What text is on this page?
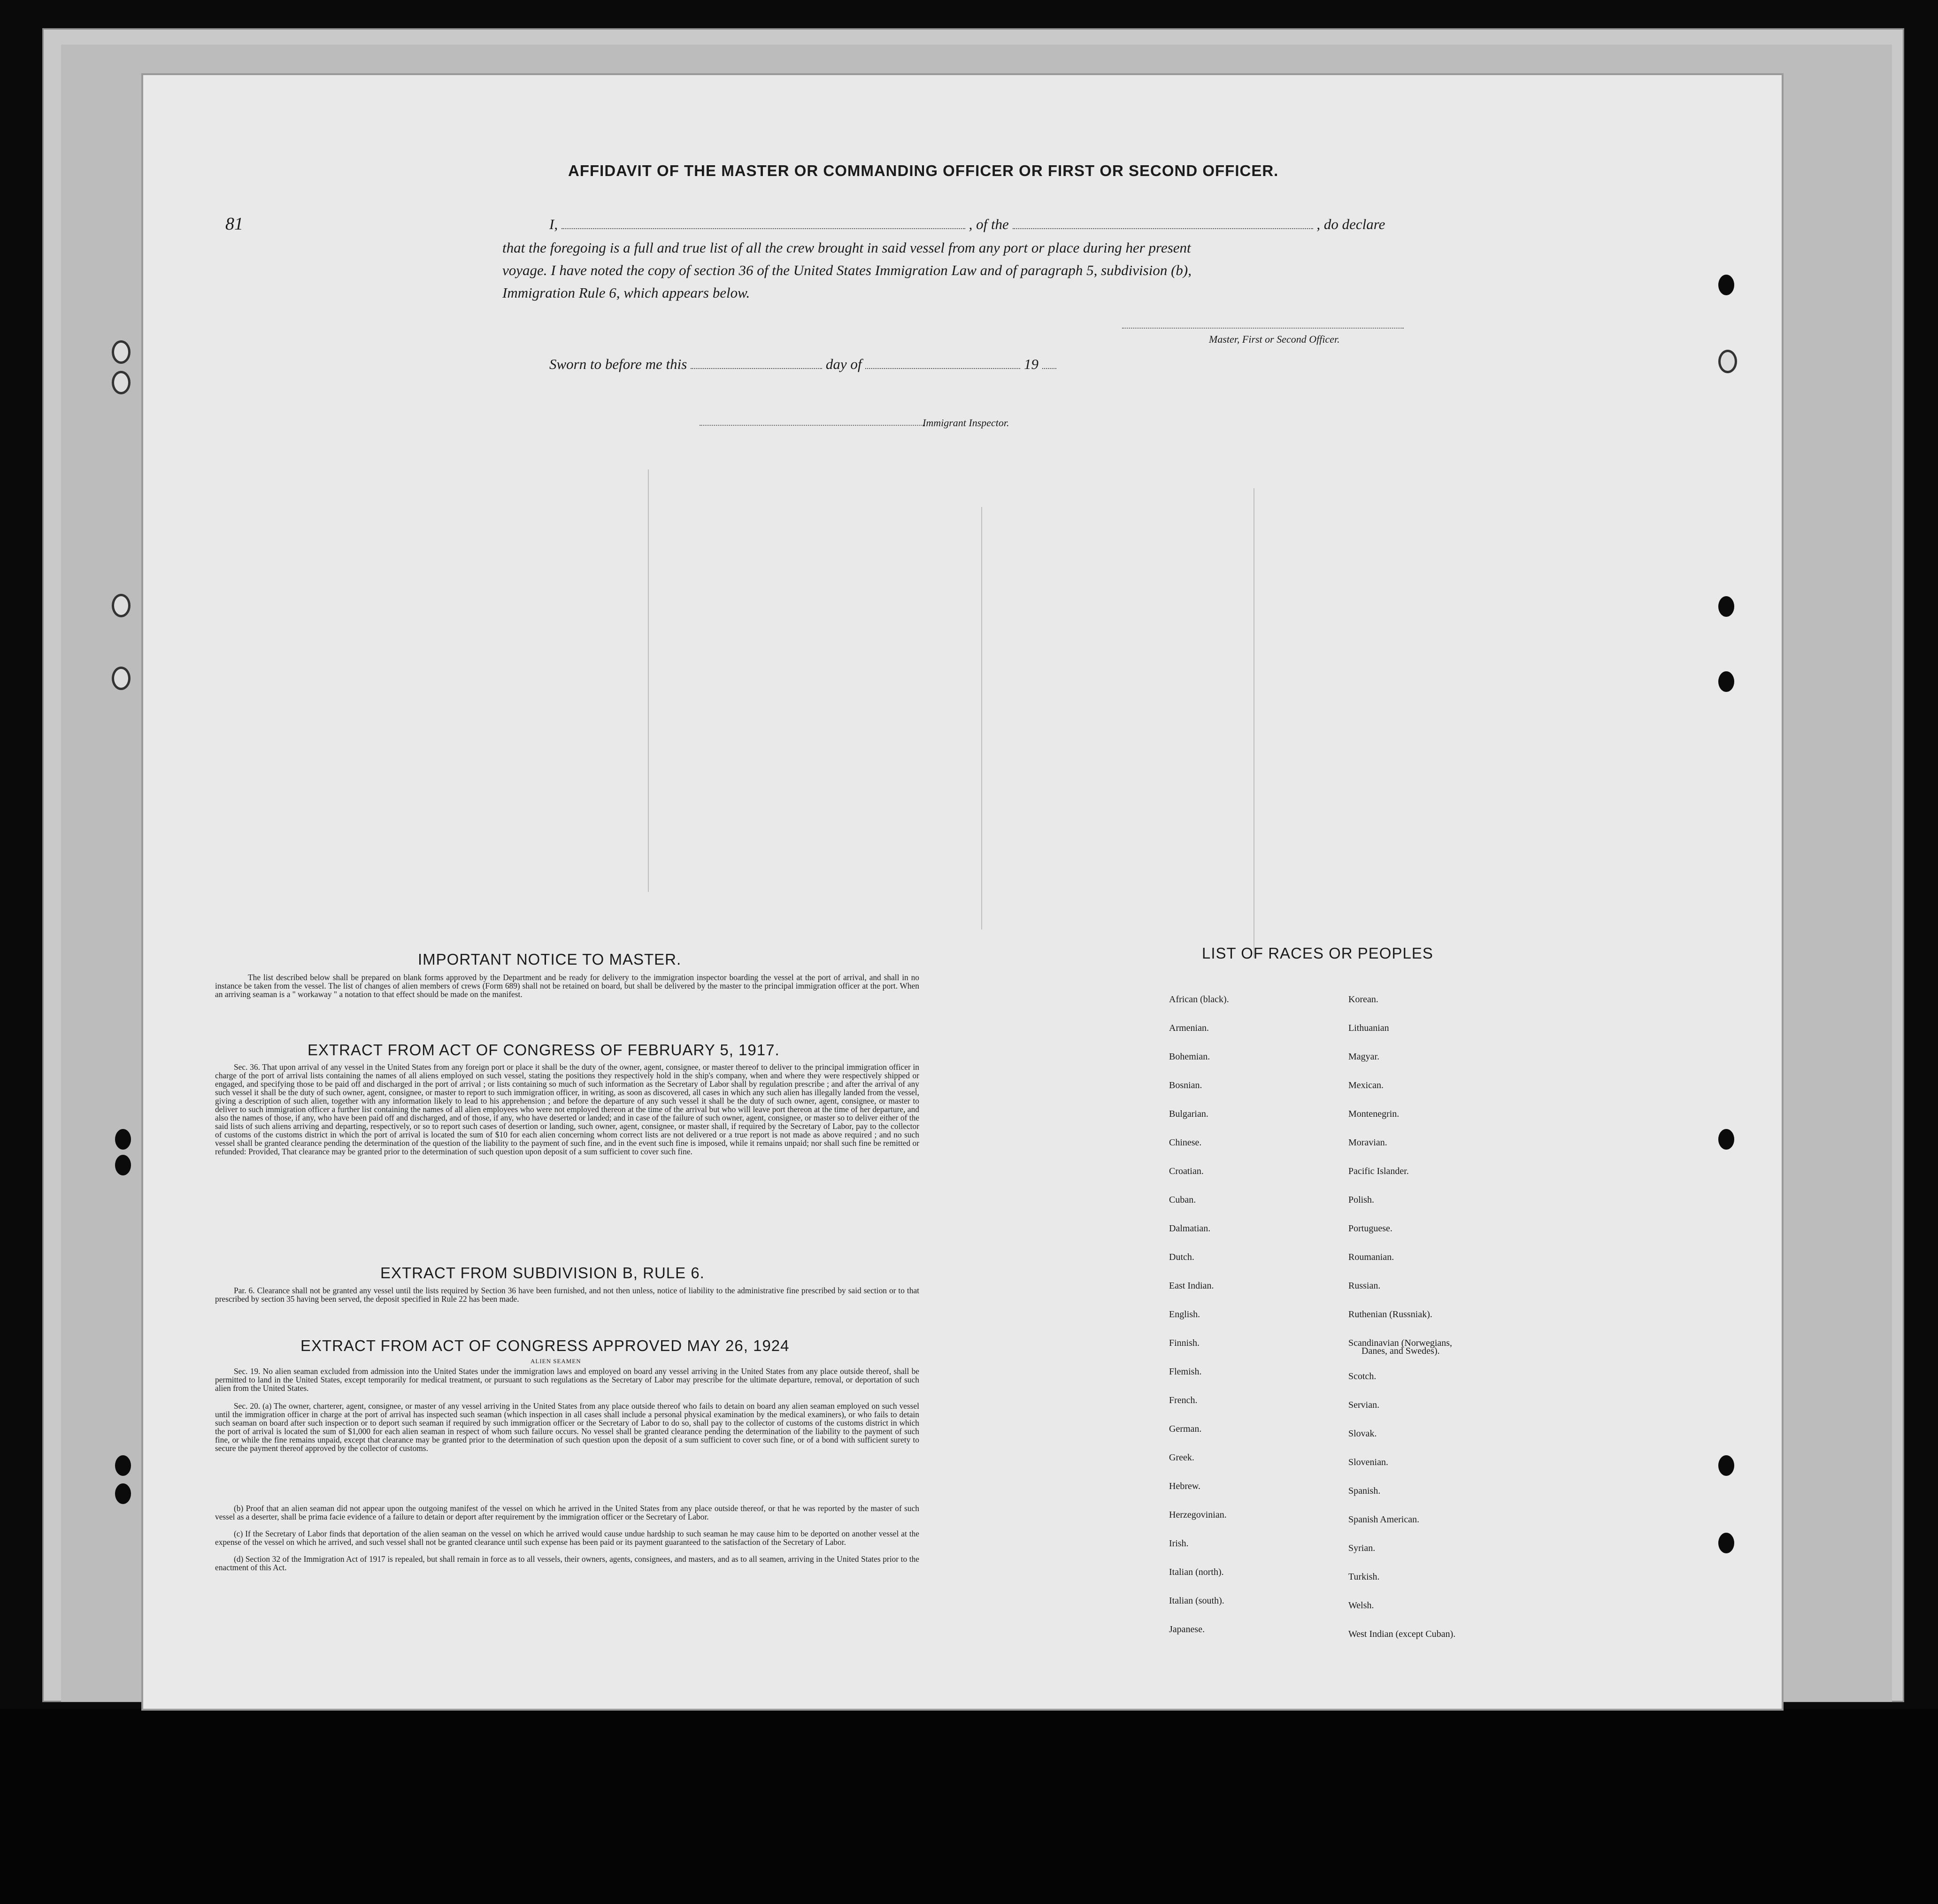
81
AFFIDAVIT OF THE MASTER OR COMMANDING OFFICER OR FIRST OR SECOND OFFICER.
I,	, of the	, do declare
that the foregoing is a full and true list of all the crew brought in said vessel from any port or place during her present
voyage. I have noted the copy of section 36 of the United States Immigration Law and of paragraph 5, subdivision (b),
Immigration Rule 6, which appears below.
Master, First or Second Officer.
Sworn to before me this	day of	19
Immigrant Inspector.
IMPORTANT NOTICE TO MASTER.
The list described below shall be prepared on blank forms approved by the Department and be ready for delivery to the immigration inspector boarding the vessel at the port of arrival, and shall in no instance be taken from the vessel. The list of changes of alien members of crews (Form 689) shall not be retained on board, but shall be delivered by the master to the principal immigration officer at the port. When an arriving seaman is a " workaway " a notation to that effect should be made on the manifest.
EXTRACT FROM ACT OF CONGRESS OF FEBRUARY 5, 1917.
Sec. 36. That upon arrival of any vessel in the United States from any foreign port or place it shall be the duty of the owner, agent, consignee, or master thereof to deliver to the principal immigration officer in charge of the port of arrival lists containing the names of all aliens employed on such vessel, stating the positions they respectively hold in the ship's company, when and where they were respectively shipped or engaged, and specifying those to be paid off and discharged in the port of arrival ; or lists containing so much of such information as the Secretary of Labor shall by regulation prescribe ; and after the arrival of any such vessel it shall be the duty of such owner, agent, consignee, or master to report to such immigration officer, in writing, as soon as discovered, all cases in which any such alien has illegally landed from the vessel, giving a description of such alien, together with any information likely to lead to his apprehension ; and before the departure of any such vessel it shall be the duty of such owner, agent, consignee, or master to deliver to such immigration officer a further list containing the names of all alien employees who were not employed thereon at the time of the arrival but who will leave port thereon at the time of her departure, and also the names of those, if any, who have been paid off and discharged, and of those, if any, who have deserted or landed; and in case of the failure of such owner, agent, consignee, or master so to deliver either of the said lists of such aliens arriving and departing, respectively, or so to report such cases of desertion or landing, such owner, agent, consignee, or master shall, if required by the Secretary of Labor, pay to the collector of customs of the customs district in which the port of arrival is located the sum of $10 for each alien concerning whom correct lists are not delivered or a true report is not made as above required ; and no such vessel shall be granted clearance pending the determination of the question of the liability to the payment of such fine, and in the event such fine is imposed, while it remains unpaid; nor shall such fine be remitted or refunded: Provided, That clearance may be granted prior to the determination of such question upon deposit of a sum sufficient to cover such fine.
EXTRACT FROM SUBDIVISION B, RULE 6.
Par. 6. Clearance shall not be granted any vessel until the lists required by Section 36 have been furnished, and not then unless, notice of liability to the administrative fine prescribed by said section or to that prescribed by section 35 having been served, the deposit specified in Rule 22 has been made.
EXTRACT FROM ACT OF CONGRESS APPROVED MAY 26, 1924
ALIEN SEAMEN
Sec. 19. No alien seaman excluded from admission into the United States under the immigration laws and employed on board any vessel arriving in the United States from any place outside thereof, shall be permitted to land in the United States, except temporarily for medical treatment, or pursuant to such regulations as the Secretary of Labor may prescribe for the ultimate departure, removal, or deportation of such alien from the United States.
Sec. 20. (a) The owner, charterer, agent, consignee, or master of any vessel arriving in the United States from any place outside thereof who fails to detain on board any alien seaman employed on such vessel until the immigration officer in charge at the port of arrival has inspected such seaman (which inspection in all cases shall include a personal physical examination by the medical examiners), or who fails to detain such seaman on board after such inspection or to deport such seaman if required by such immigration officer or the Secretary of Labor to do so, shall pay to the collector of customs of the customs district in which the port of arrival is located the sum of $1,000 for each alien seaman in respect of whom such failure occurs. No vessel shall be granted clearance pending the determination of the liability to the payment of such fine, or while the fine remains unpaid, except that clearance may be granted prior to the determination of such question upon the deposit of a sum sufficient to cover such fine, or of a bond with sufficient surety to secure the payment thereof approved by the collector of customs.
(b) Proof that an alien seaman did not appear upon the outgoing manifest of the vessel on which he arrived in the United States from any place outside thereof, or that he was reported by the master of such vessel as a deserter, shall be prima facie evidence of a failure to detain or deport after requirement by the immigration officer or the Secretary of Labor.
(c) If the Secretary of Labor finds that deportation of the alien seaman on the vessel on which he arrived would cause undue hardship to such seaman he may cause him to be deported on another vessel at the expense of the vessel on which he arrived, and such vessel shall not be granted clearance until such expense has been paid or its payment guaranteed to the satisfaction of the Secretary of Labor.
(d) Section 32 of the Immigration Act of 1917 is repealed, but shall remain in force as to all vessels, their owners, agents, consignees, and masters, and as to all seamen, arriving in the United States prior to the enactment of this Act.
LIST OF RACES OR PEOPLES
African (black).
Armenian.
Bohemian.
Bosnian.
Bulgarian.
Chinese.
Croatian.
Cuban.
Dalmatian.
Dutch.
East Indian.
English.
Finnish.
Flemish.
French.
German.
Greek.
Hebrew.
Herzegovinian.
Irish.
Italian (north).
Italian (south).
Japanese.
Korean.
Lithuanian
Magyar.
Mexican.
Montenegrin.
Moravian.
Pacific Islander.
Polish.
Portuguese.
Roumanian.
Russian.
Ruthenian (Russniak).
Scandinavian (Norwegians,
Scotch.
Servian.
Slovak.
Slovenian.
Spanish.
Spanish American.
Syrian.
Turkish.
Welsh.
West Indian (except Cuban).
Danes, and Swedes).
